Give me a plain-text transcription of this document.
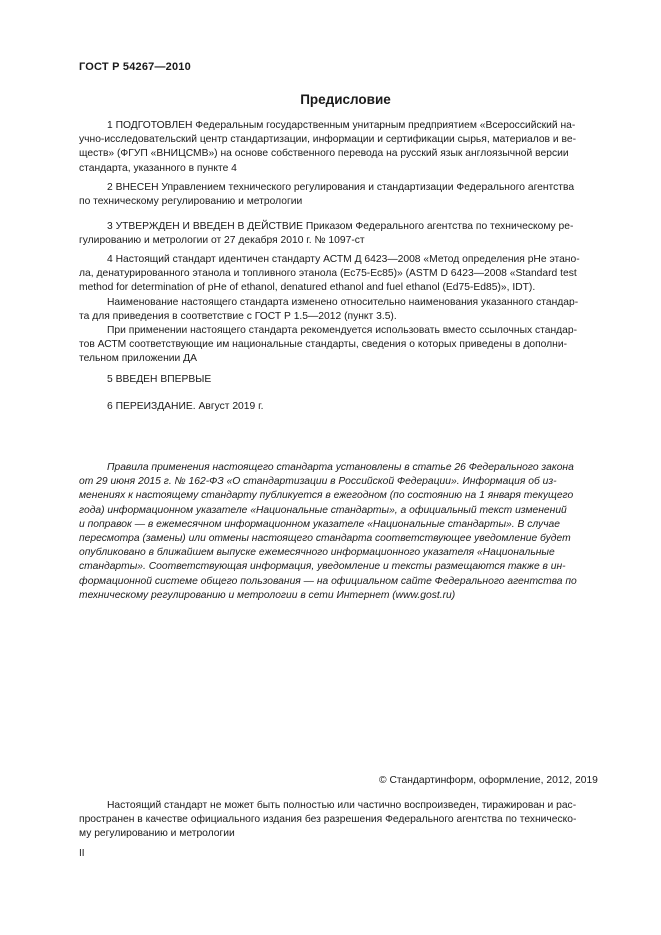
ГОСТ Р 54267—2010
Предисловие

1 ПОДГОТОВЛЕН Федеральным государственным унитарным предприятием «Всероссийский на-
учно-исследовательский центр стандартизации, информации и сертификации сырья, материалов и ве-
ществ» (ФГУП «ВНИЦСМВ») на основе собственного перевода на русский язык англоязычной версии
стандарта, указанного в пункте 4

2 ВНЕСЕН Управлением технического регулирования и стандартизации Федерального агентства
по техническому регулированию и метрологии

3 УТВЕРЖДЕН И ВВЕДЕН В ДЕЙСТВИЕ Приказом Федерального агентства по техническому ре-
гулированию и метрологии от 27 декабря 2010 г. № 1097-ст

4 Настоящий стандарт идентичен стандарту АСТМ Д 6423—2008 «Метод определения pHe этано-
ла, денатурированного этанола и топливного этанола (Ес75-Ес85)» (ASTM D 6423—2008 «Standard test
method for determination of pHe of ethanol, denatured ethanol and fuel ethanol (Ed75-Ed85)», IDT).
Наименование настоящего стандарта изменено относительно наименования указанного стандар-
та для приведения в соответствие с ГОСТ Р 1.5—2012 (пункт 3.5).
При применении настоящего стандарта рекомендуется использовать вместо ссылочных стандар-
тов АСТМ соответствующие им национальные стандарты, сведения о которых приведены в дополни-
тельном приложении ДА

5 ВВЕДЕН ВПЕРВЫЕ

6 ПЕРЕИЗДАНИЕ. Август 2019 г.

Правила применения настоящего стандарта установлены в статье 26 Федерального закона
от 29 июня 2015 г. № 162-ФЗ «О стандартизации в Российской Федерации». Информация об из-
менениях к настоящему стандарту публикуется в ежегодном (по состоянию на 1 января текущего
года) информационном указателе «Национальные стандарты», а официальный текст изменений
и поправок — в ежемесячном информационном указателе «Национальные стандарты». В случае
пересмотра (замены) или отмены настоящего стандарта соответствующее уведомление будет
опубликовано в ближайшем выпуске ежемесячного информационного указателя «Национальные
стандарты». Соответствующая информация, уведомление и тексты размещаются также в ин-
формационной системе общего пользования — на официальном сайте Федерального агентства по
техническому регулированию и метрологии в сети Интернет (www.gost.ru)

© Стандартинформ, оформление, 2012, 2019

Настоящий стандарт не может быть полностью или частично воспроизведен, тиражирован и рас-
пространен в качестве официального издания без разрешения Федерального агентства по техническо-
му регулированию и метрологии

II
